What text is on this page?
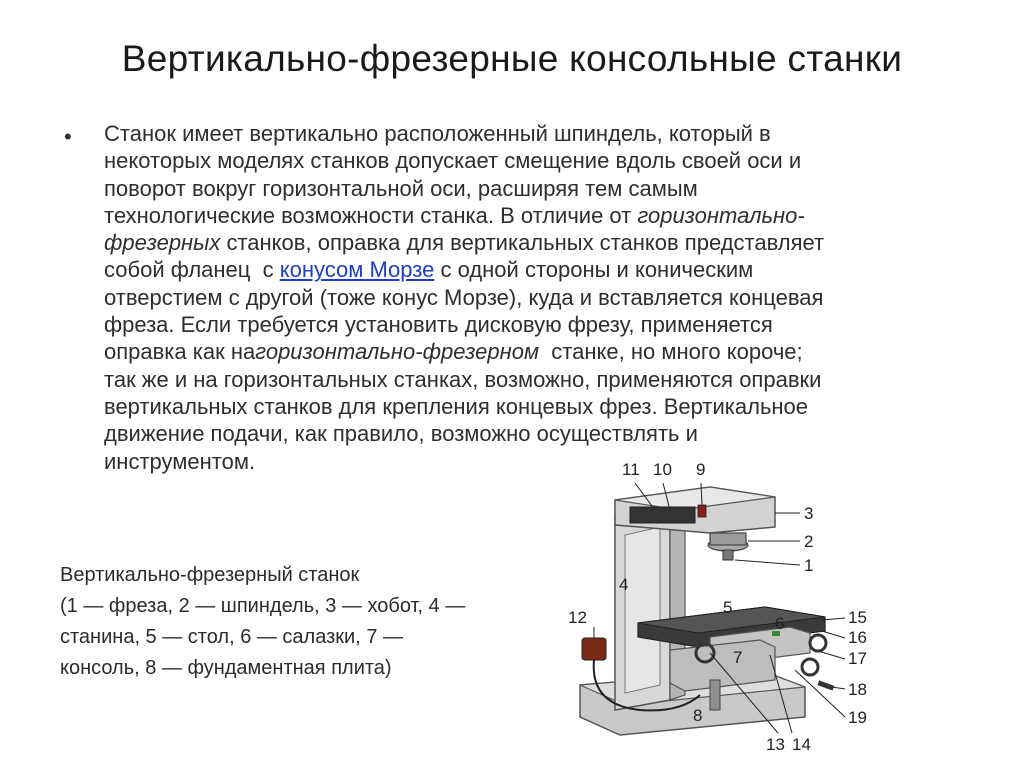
Вертикально-фрезерные консольные станки
• Станок имеет вертикально расположенный шпиндель, который в
некоторых моделях станков допускает смещение вдоль своей оси и
поворот вокруг горизонтальной оси, расширяя тем самым
технологические возможности станка. В отличие от горизонтально-
фрезерных станков, оправка для вертикальных станков представляет
собой фланец  с конусом Морзе с одной стороны и коническим
отверстием с другой (тоже конус Морзе), куда и вставляется концевая
фреза. Если требуется установить дисковую фрезу, применяется
оправка как нагоризонтально-фрезерном  станке, но много короче;
так же и на горизонтальных станках, возможно, применяются оправки
вертикальных станков для крепления концевых фрез. Вертикальное
движение подачи, как правило, возможно осуществлять и
инструментом.
Вертикально-фрезерный станок
(1 — фреза, 2 — шпиндель, 3 — хобот, 4 —
станина, 5 — стол, 6 — салазки, 7 —
консоль, 8 — фундаментная плита)
11 10 9
3
2
1
4
5
6
7
8
12
13 14
15
16
17
18
19
